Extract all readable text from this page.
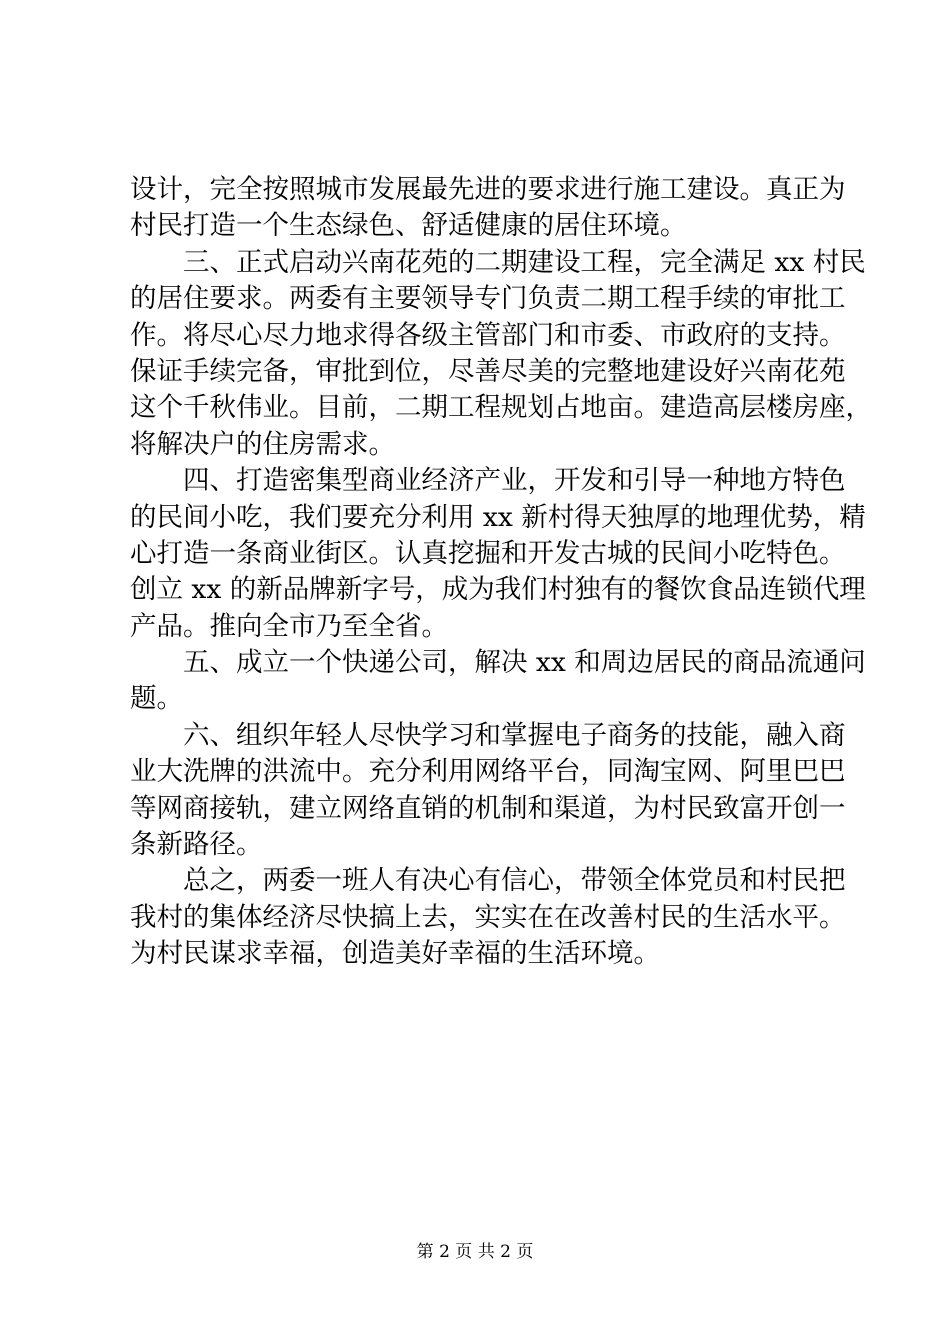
设计，完全按照城市发展最先进的要求进行施工建设。真正为
村民打造一个生态绿色、舒适健康的居住环境。
三、正式启动兴南花苑的二期建设工程，完全满足 xx 村民
的居住要求。两委有主要领导专门负责二期工程手续的审批工
作。将尽心尽力地求得各级主管部门和市委、市政府的支持。
保证手续完备，审批到位，尽善尽美的完整地建设好兴南花苑
这个千秋伟业。目前，二期工程规划占地亩。建造高层楼房座，
将解决户的住房需求。
四、打造密集型商业经济产业，开发和引导一种地方特色
的民间小吃，我们要充分利用 xx 新村得天独厚的地理优势，精
心打造一条商业街区。认真挖掘和开发古城的民间小吃特色。
创立 xx 的新品牌新字号，成为我们村独有的餐饮食品连锁代理
产品。推向全市乃至全省。
五、成立一个快递公司，解决 xx 和周边居民的商品流通问
题。
六、组织年轻人尽快学习和掌握电子商务的技能，融入商
业大洗牌的洪流中。充分利用网络平台，同淘宝网、阿里巴巴
等网商接轨，建立网络直销的机制和渠道，为村民致富开创一
条新路径。
总之，两委一班人有决心有信心，带领全体党员和村民把
我村的集体经济尽快搞上去，实实在在改善村民的生活水平。
为村民谋求幸福，创造美好幸福的生活环境。
第 2 页 共 2 页
